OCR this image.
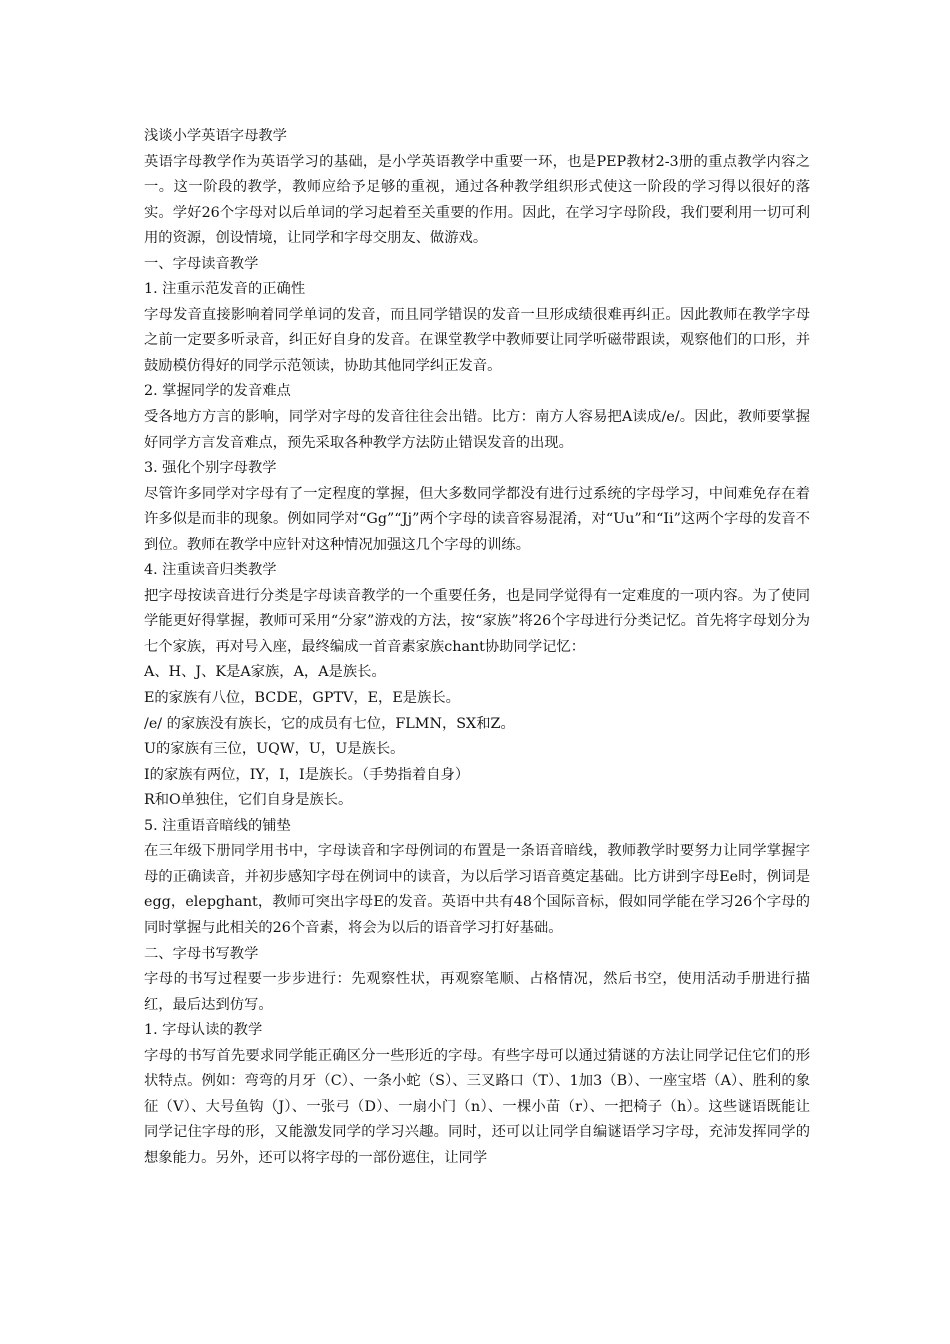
浅谈小学英语字母教学

英语字母教学作为英语学习的基础，是小学英语教学中重要一环，也是PEP教材2-3册的重点教学内容之一。这一阶段的教学，教师应给予足够的重视，通过各种教学组织形式使这一阶段的学习得以很好的落实。学好26个字母对以后单词的学习起着至关重要的作用。因此，在学习字母阶段，我们要利用一切可利用的资源，创设情境，让同学和字母交朋友、做游戏。

一、字母读音教学

1. 注重示范发音的正确性

字母发音直接影响着同学单词的发音，而且同学错误的发音一旦形成绩很难再纠正。因此教师在教学字母之前一定要多听录音，纠正好自身的发音。在课堂教学中教师要让同学听磁带跟读，观察他们的口形，并鼓励模仿得好的同学示范领读，协助其他同学纠正发音。

2. 掌握同学的发音难点

受各地方方言的影响，同学对字母的发音往往会出错。比方：南方人容易把A读成/e/。因此，教师要掌握好同学方言发音难点，预先采取各种教学方法防止错误发音的出现。

3. 强化个别字母教学

尽管许多同学对字母有了一定程度的掌握，但大多数同学都没有进行过系统的字母学习，中间难免存在着许多似是而非的现象。例如同学对“Gg”“Jj”两个字母的读音容易混淆，对“Uu”和“Ii”这两个字母的发音不到位。教师在教学中应针对这种情况加强这几个字母的训练。

4. 注重读音归类教学

把字母按读音进行分类是字母读音教学的一个重要任务，也是同学觉得有一定难度的一项内容。为了使同学能更好得掌握，教师可采用“分家”游戏的方法，按“家族”将26个字母进行分类记忆。首先将字母划分为七个家族，再对号入座，最终编成一首音素家族chant协助同学记忆：

A、H、J、K是A家族，A，A是族长。

E的家族有八位，BCDE，GPTV，E，E是族长。

/e/ 的家族没有族长，它的成员有七位，FLMN，SX和Z。

U的家族有三位，UQW，U，U是族长。

I的家族有两位，IY，I，I是族长。（手势指着自身）

R和O单独住，它们自身是族长。

5. 注重语音暗线的铺垫

在三年级下册同学用书中，字母读音和字母例词的布置是一条语音暗线，教师教学时要努力让同学掌握字母的正确读音，并初步感知字母在例词中的读音，为以后学习语音奠定基础。比方讲到字母Ee时，例词是egg，elepghant，教师可突出字母E的发音。英语中共有48个国际音标，假如同学能在学习26个字母的同时掌握与此相关的26个音素，将会为以后的语音学习打好基础。

二、字母书写教学

字母的书写过程要一步步进行：先观察性状，再观察笔顺、占格情况，然后书空，使用活动手册进行描红，最后达到仿写。

1. 字母认读的教学

字母的书写首先要求同学能正确区分一些形近的字母。有些字母可以通过猜谜的方法让同学记住它们的形状特点。例如：弯弯的月牙（C）、一条小蛇（S）、三叉路口（T）、1加3（B）、一座宝塔（A）、胜利的象征（V）、大号鱼钩（J）、一张弓（D）、一扇小门（n）、一棵小苗（r）、一把椅子（h）。这些谜语既能让同学记住字母的形，又能激发同学的学习兴趣。同时，还可以让同学自编谜语学习字母，充沛发挥同学的想象能力。另外，还可以将字母的一部份遮住，让同学
